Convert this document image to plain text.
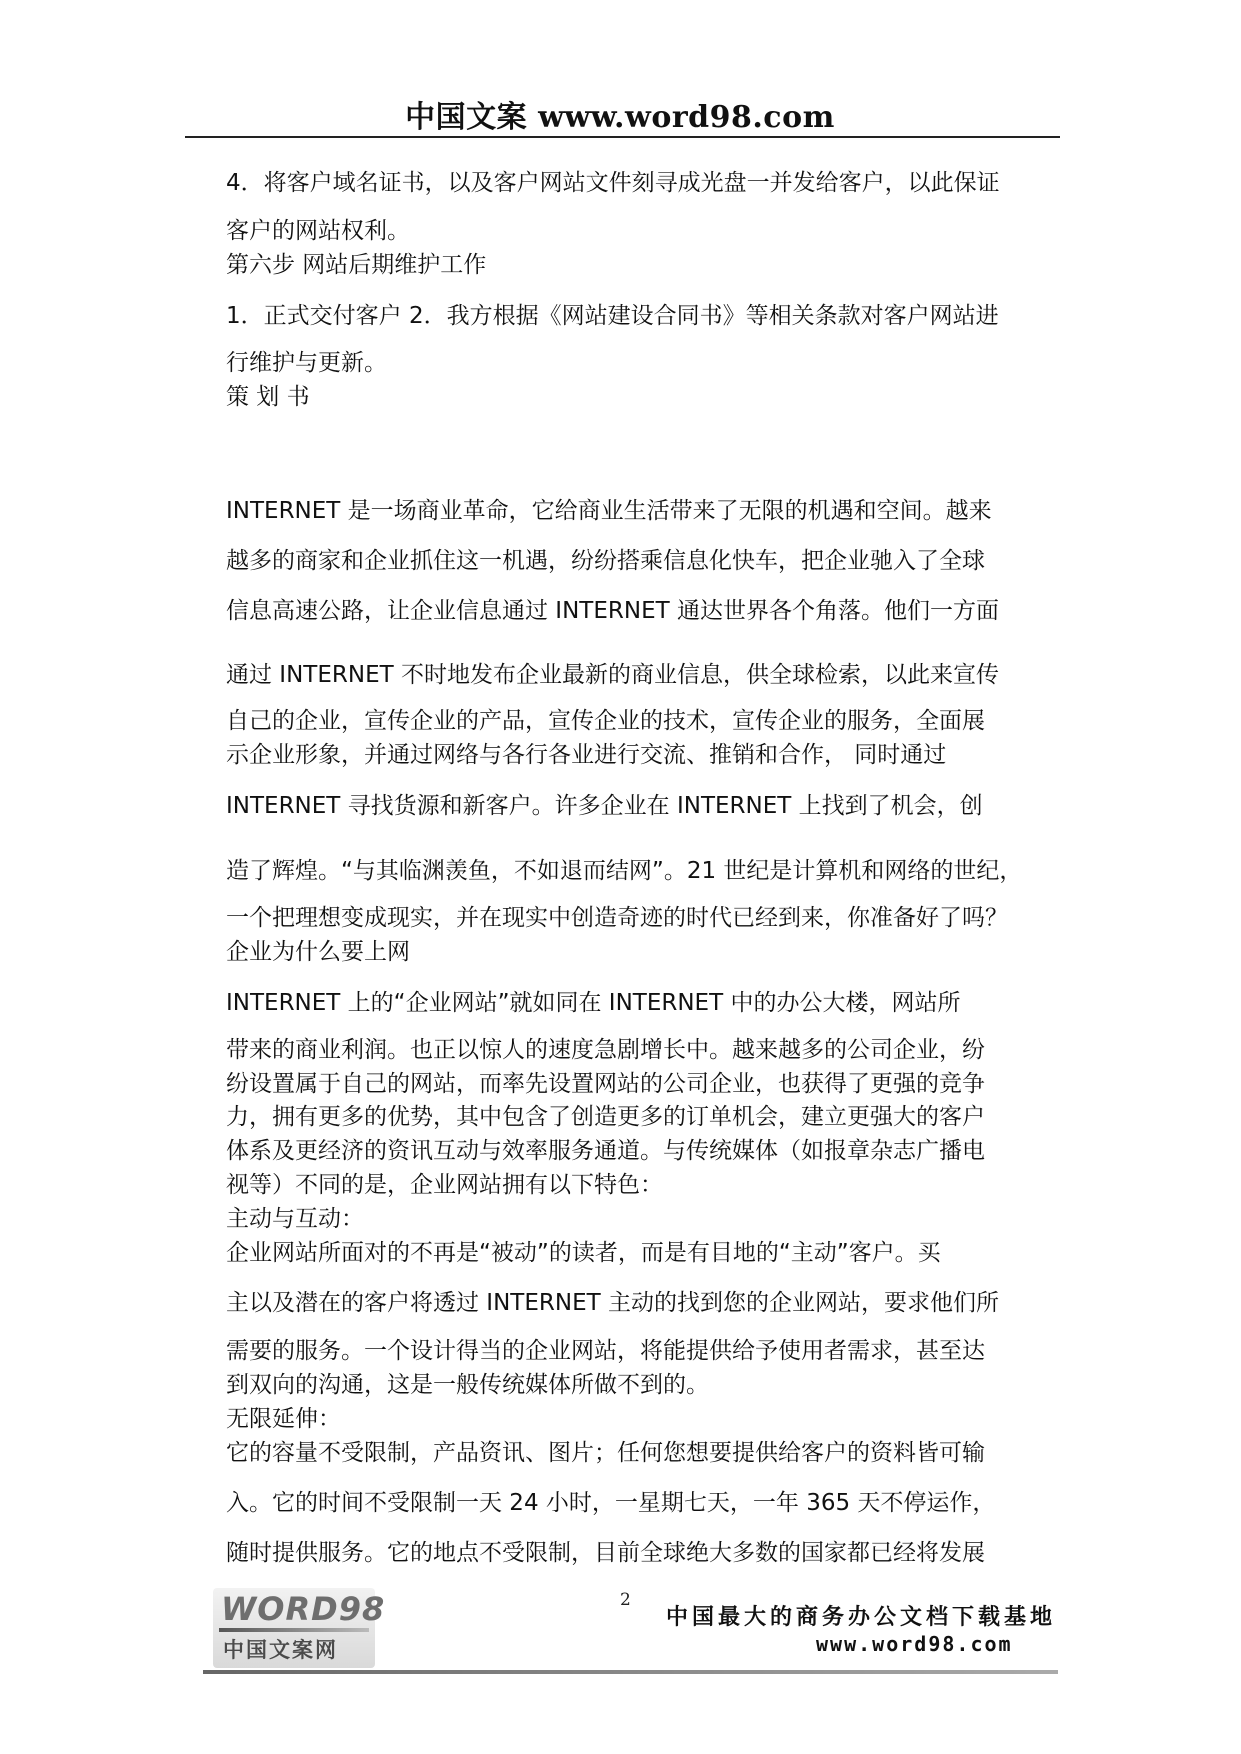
中国文案 www.word98.com
4．将客户域名证书，以及客户网站文件刻寻成光盘一并发给客户，以此保证
客户的网站权利。
第六步 网站后期维护工作
1．正式交付客户 2．我方根据《网站建设合同书》等相关条款对客户网站进
行维护与更新。
策 划 书
INTERNET 是一场商业革命，它给商业生活带来了无限的机遇和空间。越来
越多的商家和企业抓住这一机遇，纷纷搭乘信息化快车，把企业驰入了全球
信息高速公路，让企业信息通过 INTERNET 通达世界各个角落。他们一方面
通过 INTERNET 不时地发布企业最新的商业信息，供全球检索，以此来宣传
自己的企业，宣传企业的产品，宣传企业的技术，宣传企业的服务，全面展
示企业形象，并通过网络与各行各业进行交流、推销和合作， 同时通过
INTERNET 寻找货源和新客户。许多企业在 INTERNET 上找到了机会，创
造了辉煌。“与其临渊羡鱼，不如退而结网”。21 世纪是计算机和网络的世纪，
一个把理想变成现实，并在现实中创造奇迹的时代已经到来，你准备好了吗？
企业为什么要上网
INTERNET 上的“企业网站”就如同在 INTERNET 中的办公大楼，网站所
带来的商业利润。也正以惊人的速度急剧增长中。越来越多的公司企业，纷
纷设置属于自己的网站，而率先设置网站的公司企业，也获得了更强的竞争
力，拥有更多的优势，其中包含了创造更多的订单机会，建立更强大的客户
体系及更经济的资讯互动与效率服务通道。与传统媒体（如报章杂志广播电
视等）不同的是，企业网站拥有以下特色：
主动与互动：
企业网站所面对的不再是“被动”的读者，而是有目地的“主动”客户。买
主以及潜在的客户将透过 INTERNET 主动的找到您的企业网站，要求他们所
需要的服务。一个设计得当的企业网站，将能提供给予使用者需求，甚至达
到双向的沟通，这是一般传统媒体所做不到的。
无限延伸：
它的容量不受限制，产品资讯、图片；任何您想要提供给客户的资料皆可输
入。它的时间不受限制一天 24 小时，一星期七天，一年 365 天不停运作，
随时提供服务。它的地点不受限制，目前全球绝大多数的国家都已经将发展
WORD98
中国文案网
2
中国最大的商务办公文档下载基地
www.word98.com
